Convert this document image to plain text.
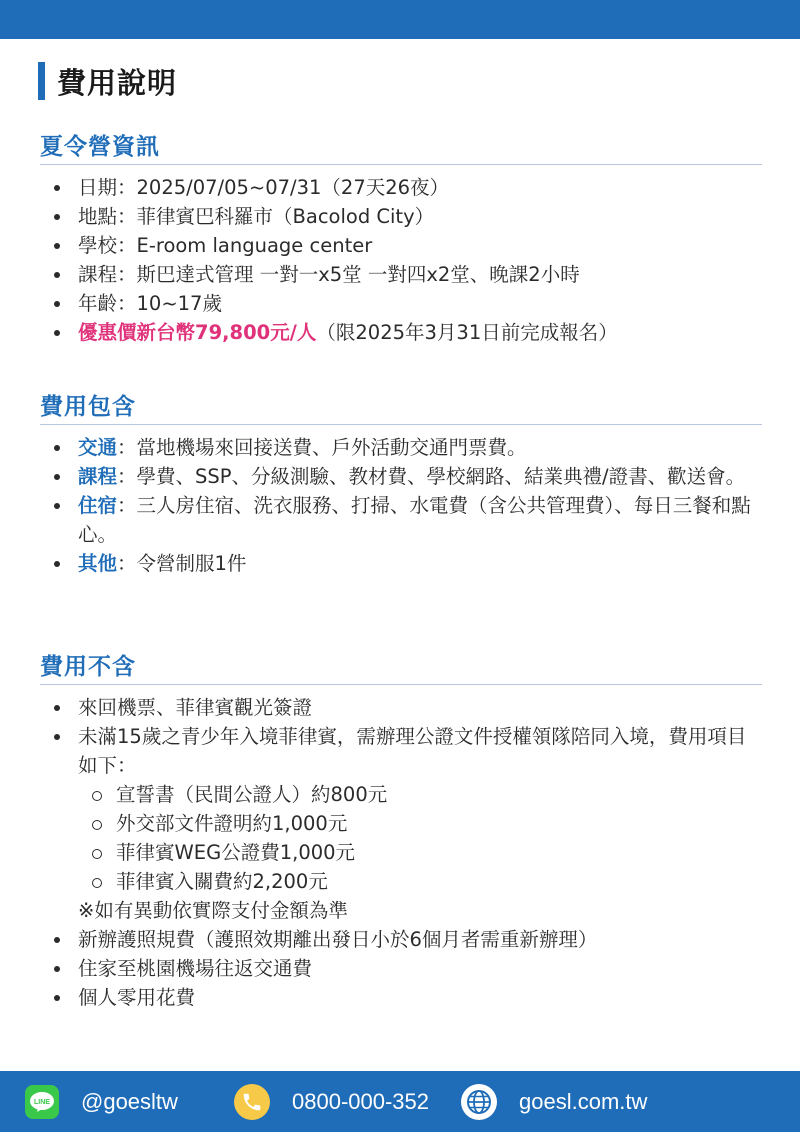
費用說明
夏令營資訊
日期：2025/07/05~07/31（27天26夜）
地點：菲律賓巴科羅市（Bacolod City）
學校：E-room language center
課程：斯巴達式管理 一對一x5堂 一對四x2堂、晚課2小時
年齡：10~17歲
優惠價新台幣79,800元/人（限2025年3月31日前完成報名）
費用包含
交通：當地機場來回接送費、戶外活動交通門票費。
課程：學費、SSP、分級測驗、教材費、學校網路、結業典禮/證書、歡送會。
住宿：三人房住宿、洗衣服務、打掃、水電費（含公共管理費）、每日三餐和點心。
其他：令營制服1件
費用不含
來回機票、菲律賓觀光簽證
未滿15歲之青少年入境菲律賓，需辦理公證文件授權領隊陪同入境，費用項目如下：
宣誓書（民間公證人）約800元
外交部文件證明約1,000元
菲律賓WEG公證費1,000元
菲律賓入關費約2,200元
※如有異動依實際支付金額為準
新辦護照規費（護照效期離出發日小於6個月者需重新辦理）
住家至桃園機場往返交通費
個人零用花費
LINE @goesltw	0800-000-352	goesl.com.tw
